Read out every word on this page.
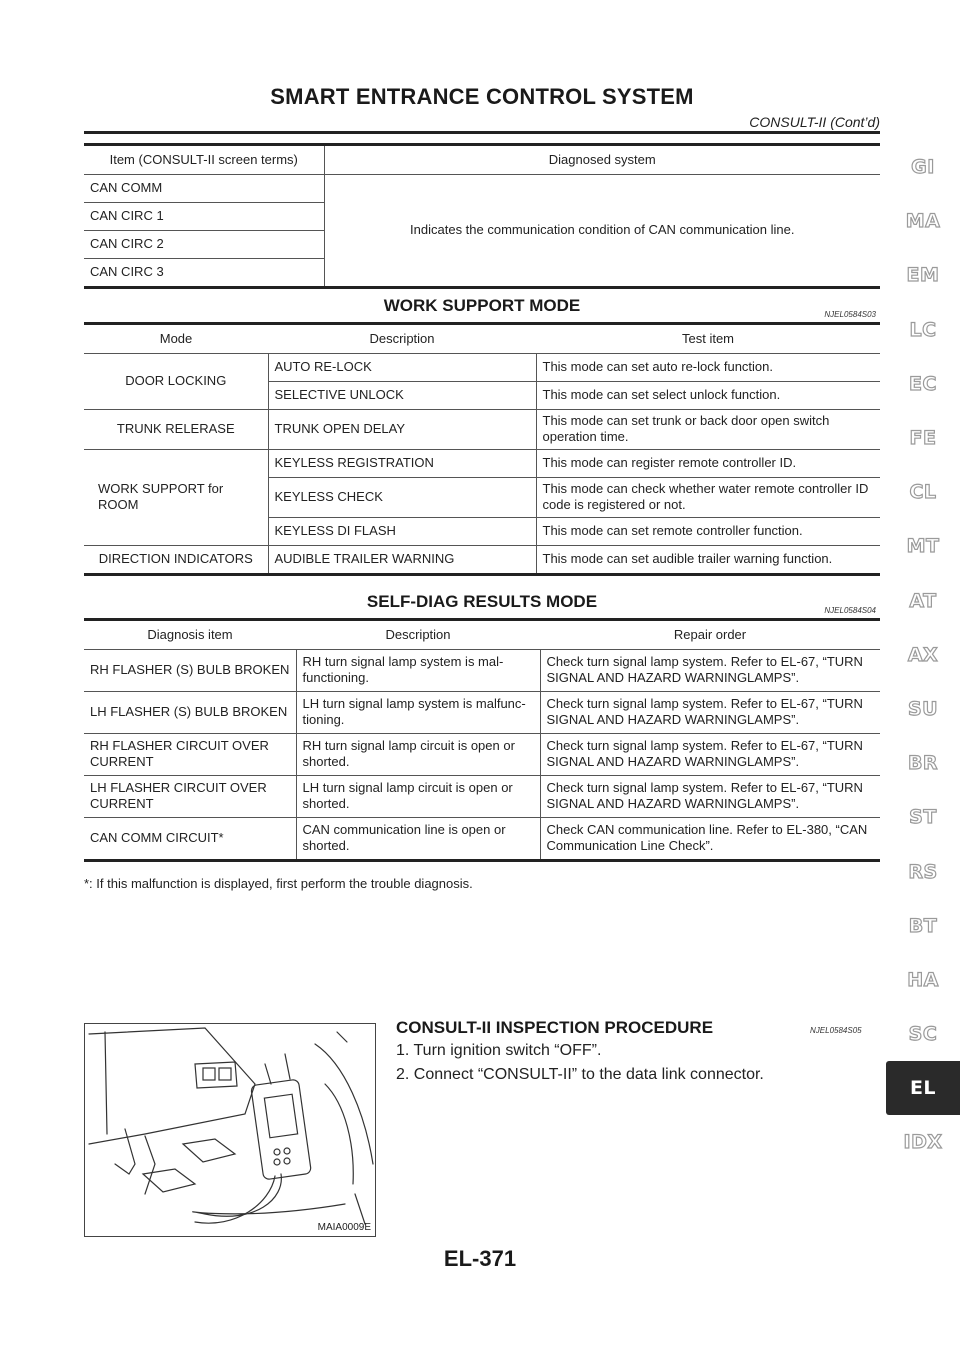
SMART ENTRANCE CONTROL SYSTEM
CONSULT-II (Cont’d)
Item (CONSULT-II screen terms)	Diagnosed system
CAN COMM	Indicates the communication condition of CAN communication line.
CAN CIRC 1	
CAN CIRC 2	
CAN CIRC 3	
WORK SUPPORT MODE	NJEL0584S03
Mode	Description	Test item
DOOR LOCKING	AUTO RE-LOCK	This mode can set auto re-lock function.
	SELECTIVE UNLOCK	This mode can set select unlock function.
TRUNK RELERASE	TRUNK OPEN DELAY	This mode can set trunk or back door open switch operation time.
WORK SUPPORT for ROOM	KEYLESS REGISTRATION	This mode can register remote controller ID.
	KEYLESS CHECK	This mode can check whether water remote controller ID code is registered or not.
	KEYLESS DI FLASH	This mode can set remote controller function.
DIRECTION INDICATORS	AUDIBLE TRAILER WARNING	This mode can set audible trailer warning function.
SELF-DIAG RESULTS MODE	NJEL0584S04
Diagnosis item	Description	Repair order
RH FLASHER (S) BULB BROKEN	RH turn signal lamp system is mal-functioning.	Check turn signal lamp system. Refer to EL-67, “TURN SIGNAL AND HAZARD WARNINGLAMPS”.
LH FLASHER (S) BULB BROKEN	LH turn signal lamp system is malfunc-tioning.	Check turn signal lamp system. Refer to EL-67, “TURN SIGNAL AND HAZARD WARNINGLAMPS”.
RH FLASHER CIRCUIT OVER CURRENT	RH turn signal lamp circuit is open or shorted.	Check turn signal lamp system. Refer to EL-67, “TURN SIGNAL AND HAZARD WARNINGLAMPS”.
LH FLASHER CIRCUIT OVER CURRENT	LH turn signal lamp circuit is open or shorted.	Check turn signal lamp system. Refer to EL-67, “TURN SIGNAL AND HAZARD WARNINGLAMPS”.
CAN COMM CIRCUIT*	CAN communication line is open or shorted.	Check CAN communication line. Refer to EL-380, “CAN Communication Line Check”.
*: If this malfunction is displayed, first perform the trouble diagnosis.
MAIA0009E
CONSULT-II INSPECTION PROCEDURE	NJEL0584S05
1. Turn ignition switch “OFF”.
2. Connect “CONSULT-II” to the data link connector.
EL-371
GI
MA
EM
LC
EC
FE
CL
MT
AT
AX
SU
BR
ST
RS
BT
HA
SC
EL
IDX
